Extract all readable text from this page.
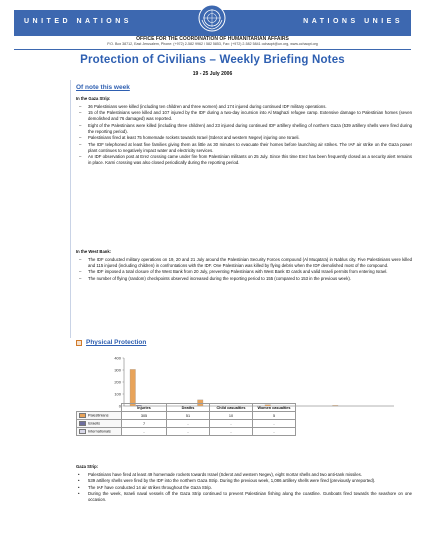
UNITED NATIONS	NATIONS UNIES
OFFICE FOR THE COORDINATION OF HUMANITARIAN AFFAIRS
P.O. Box 38712, East Jerusalem, Phone: (+972) 2-582 9962 / 582 5853, Fax: (+972) 2-582 5841 ochaopt@un.org, www.ochaopt.org
Protection of Civilians – Weekly Briefing Notes
19 - 25 July 2006
Of note this week
In the Gaza Strip:
– 36 Palestinians were killed (including ten children and three women) and 174 injured during continued IDF military operations.
– 15 of the Palestinians were killed and 107 injured by the IDF during a two-day incursion into Al Maghazi refugee camp. Extensive damage to Palestinian homes (seven demolished and 76 damaged) was reported.
– Eight of the Palestinians were killed (including three children) and 23 injured during continued IDF artillery shelling of northern Gaza (539 artillery shells were fired during the reporting period).
– Palestinians fired at least 75 homemade rockets towards Israel (Sderot and western Negev) injuring one Israeli.
– The IDF telephoned at least five families giving them as little as 30 minutes to evacuate their homes before launching air strikes. The IAF air strike on the Gaza power plant continues to negatively impact water and electricity services.
– An IDF observation post at Erez crossing came under fire from Palestinian militants on 25 July. Since this time Erez has been frequently closed as a security alert remains in place. Karni crossing was also closed periodically during the reporting period.
In the West Bank:
– The IDF conducted military operations on 19, 20 and 21 July around the Palestinian Security Forces compound (Al Muqata'a) in Nablus city. Five Palestinians were killed and 115 injured (including children) in confrontations with the IDF. One Palestinian was killed by flying debris when the IDF demolished most of the compound.
– The IDF imposed a total closure of the West Bank from 20 July, preventing Palestinians with West Bank ID cards and valid Israeli permits from entering Israel.
– The number of flying (random) checkpoints observed increased during the reporting period to 155 (compared to 153 in the previous week).
Physical Protection
400
300
200
100
0
		Injuries	Deaths	Child casualties	Women casualties
Palestinians	305	51	10	5
Israelis	7	-	-	-
Internationals	-	-	-	-
Gaza Strip:
• Palestinians have fired at least 49 homemade rockets towards Israel (Sderot and western Negev), eight mortar shells and two anti-tank missiles.
• 539 artillery shells were fired by the IDF into the northern Gaza Strip. During the previous week, 1,086 artillery shells were fired (previously unreported).
• The IAF have conducted 14 air strikes throughout the Gaza Strip.
• During the week, Israeli naval vessels off the Gaza Strip continued to prevent Palestinian fishing along the coastline. Gunboats fired towards the seashore on one occasion.
